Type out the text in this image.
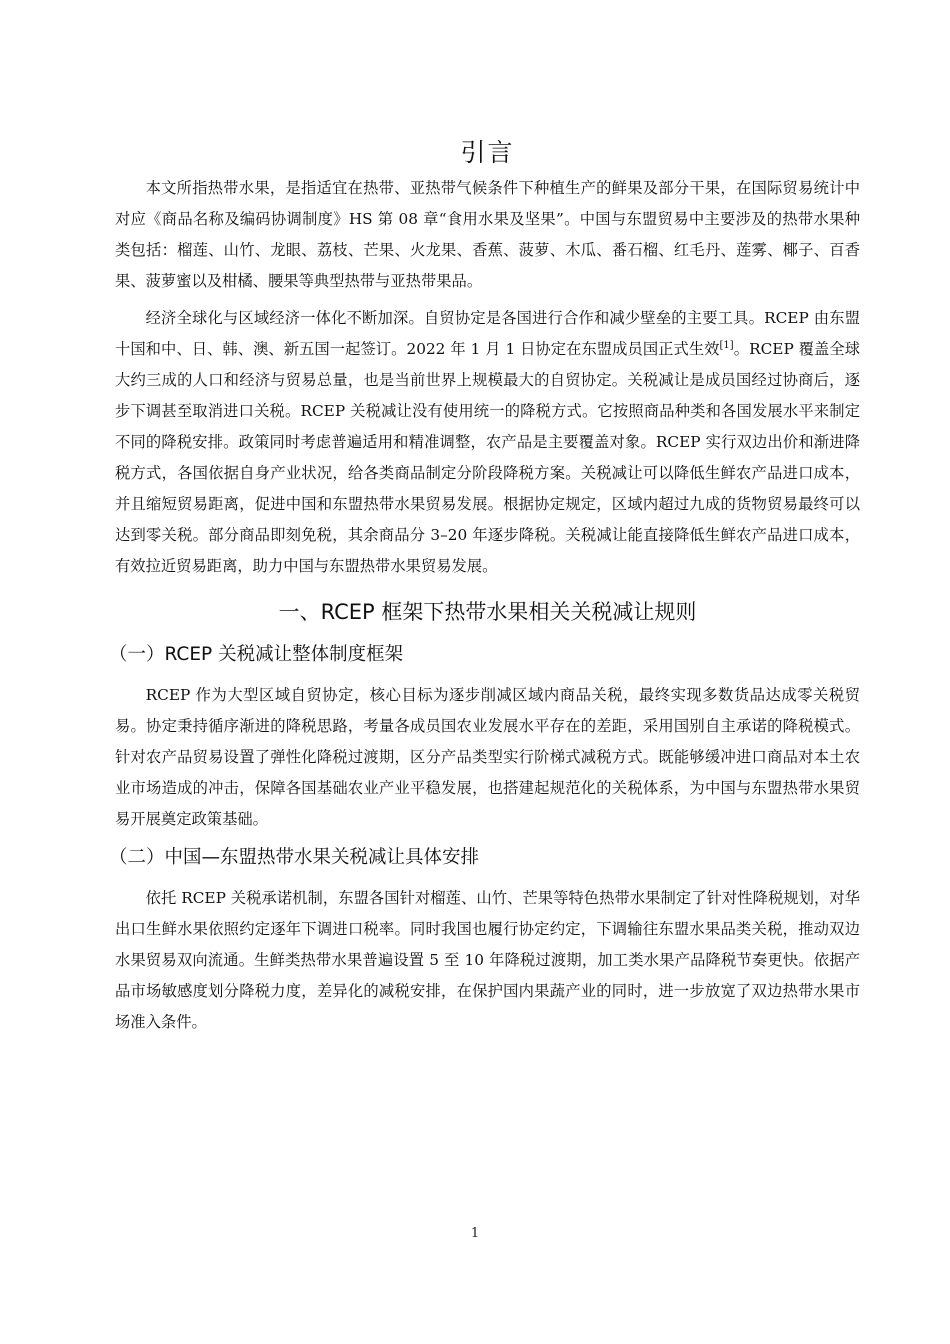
引言

本文所指热带水果，是指适宜在热带、亚热带气候条件下种植生产的鲜果及部分干果，在国际贸易统计中对应《商品名称及编码协调制度》HS 第 08 章“食用水果及坚果”。中国与东盟贸易中主要涉及的热带水果种类包括：榴莲、山竹、龙眼、荔枝、芒果、火龙果、香蕉、菠萝、木瓜、番石榴、红毛丹、莲雾、椰子、百香果、菠萝蜜以及柑橘、腰果等典型热带与亚热带果品。

经济全球化与区域经济一体化不断加深。自贸协定是各国进行合作和减少壁垒的主要工具。RCEP 由东盟十国和中、日、韩、澳、新五国一起签订。2022 年 1 月 1 日协定在东盟成员国正式生效[1]。RCEP 覆盖全球大约三成的人口和经济与贸易总量，也是当前世界上规模最大的自贸协定。关税减让是成员国经过协商后，逐步下调甚至取消进口关税。RCEP 关税减让没有使用统一的降税方式。它按照商品种类和各国发展水平来制定不同的降税安排。政策同时考虑普遍适用和精准调整，农产品是主要覆盖对象。RCEP 实行双边出价和渐进降税方式，各国依据自身产业状况，给各类商品制定分阶段降税方案。关税减让可以降低生鲜农产品进口成本，并且缩短贸易距离，促进中国和东盟热带水果贸易发展。根据协定规定，区域内超过九成的货物贸易最终可以达到零关税。部分商品即刻免税，其余商品分 3–20 年逐步降税。关税减让能直接降低生鲜农产品进口成本，有效拉近贸易距离，助力中国与东盟热带水果贸易发展。

一、RCEP 框架下热带水果相关关税减让规则
（一）RCEP 关税减让整体制度框架

RCEP 作为大型区域自贸协定，核心目标为逐步削减区域内商品关税，最终实现多数货品达成零关税贸易。协定秉持循序渐进的降税思路，考量各成员国农业发展水平存在的差距，采用国别自主承诺的降税模式。针对农产品贸易设置了弹性化降税过渡期，区分产品类型实行阶梯式减税方式。既能够缓冲进口商品对本土农业市场造成的冲击，保障各国基础农业产业平稳发展，也搭建起规范化的关税体系，为中国与东盟热带水果贸易开展奠定政策基础。

（二）中国—东盟热带水果关税减让具体安排

依托 RCEP 关税承诺机制，东盟各国针对榴莲、山竹、芒果等特色热带水果制定了针对性降税规划，对华出口生鲜水果依照约定逐年下调进口税率。同时我国也履行协定约定，下调输往东盟水果品类关税，推动双边水果贸易双向流通。生鲜类热带水果普遍设置 5 至 10 年降税过渡期，加工类水果产品降税节奏更快。依据产品市场敏感度划分降税力度，差异化的减税安排，在保护国内果蔬产业的同时，进一步放宽了双边热带水果市场准入条件。

1
